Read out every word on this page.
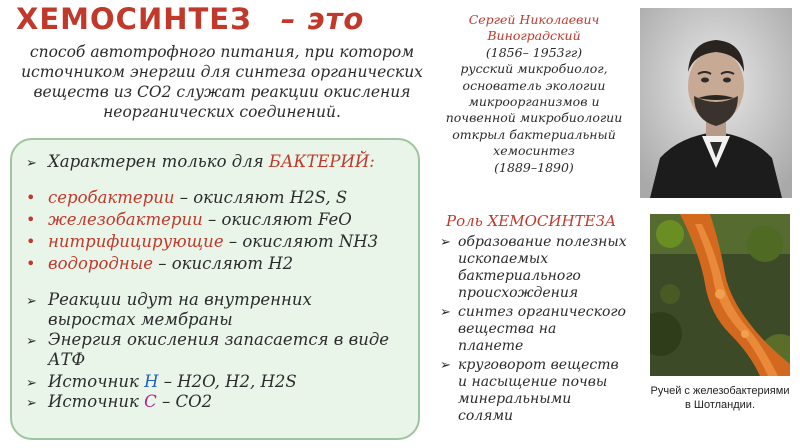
ХЕМОСИНТЕЗ – это
способ автотрофного питания, при котором
источником энергии для синтеза органических
веществ из CO2 служат реакции окисления
неорганических соединений.
➢ Характерен только для БАКТЕРИЙ:
• серобактерии – окисляют H2S, S
• железобактерии – окисляют FeO
• нитрифицирующие – окисляют NH3
• водородные – окисляют H2
➢ Реакции идут на внутренних
выростах мембраны
➢ Энергия окисления запасается в виде
АТФ
➢ Источник H – H2O, H2, H2S
➢ Источник C – CO2
Сергей Николаевич
Виноградский
(1856– 1953гг)
русский микробиолог,
основатель экологии
микроорганизмов и
почвенной микробиологии
открыл бактериальный
хемосинтез
(1889–1890)
Роль ХЕМОСИНТЕЗА
➢ образование полезных
ископаемых
бактериального
происхождения
➢ синтез органического
вещества на
планете
➢ круговорот веществ
и насыщение почвы
минеральными
солями
Ручей с железобактериями
в Шотландии.
